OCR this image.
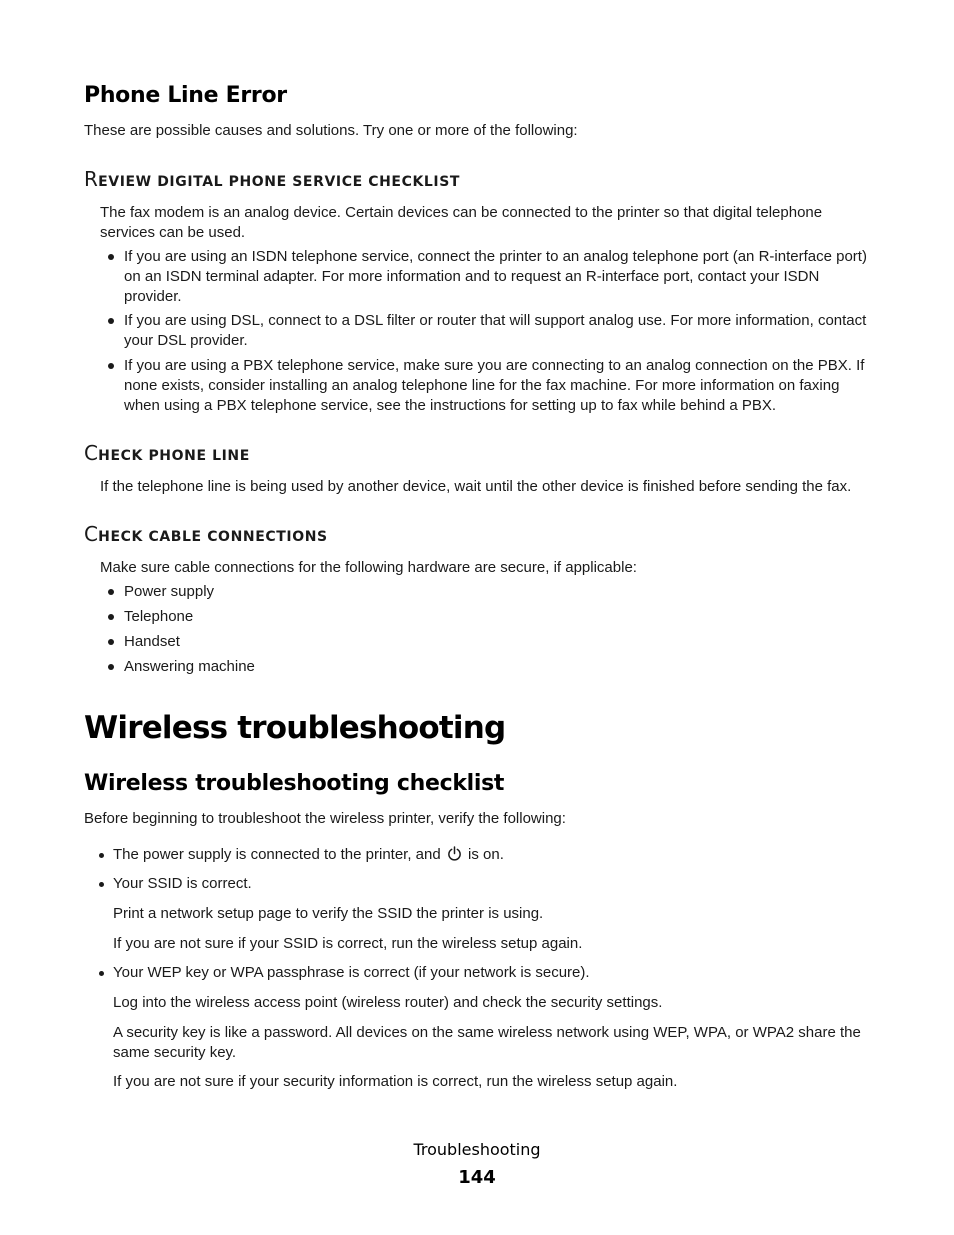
Phone Line Error
These are possible causes and solutions. Try one or more of the following:
REVIEW DIGITAL PHONE SERVICE CHECKLIST
The fax modem is an analog device. Certain devices can be connected to the printer so that digital telephone services can be used.
If you are using an ISDN telephone service, connect the printer to an analog telephone port (an R-interface port) on an ISDN terminal adapter. For more information and to request an R-interface port, contact your ISDN provider.
If you are using DSL, connect to a DSL filter or router that will support analog use. For more information, contact your DSL provider.
If you are using a PBX telephone service, make sure you are connecting to an analog connection on the PBX. If none exists, consider installing an analog telephone line for the fax machine. For more information on faxing when using a PBX telephone service, see the instructions for setting up to fax while behind a PBX.
CHECK PHONE LINE
If the telephone line is being used by another device, wait until the other device is finished before sending the fax.
CHECK CABLE CONNECTIONS
Make sure cable connections for the following hardware are secure, if applicable:
Power supply
Telephone
Handset
Answering machine
Wireless troubleshooting
Wireless troubleshooting checklist
Before beginning to troubleshoot the wireless printer, verify the following:
The power supply is connected to the printer, and is on.
Your SSID is correct.
Print a network setup page to verify the SSID the printer is using.
If you are not sure if your SSID is correct, run the wireless setup again.
Your WEP key or WPA passphrase is correct (if your network is secure).
Log into the wireless access point (wireless router) and check the security settings.
A security key is like a password. All devices on the same wireless network using WEP, WPA, or WPA2 share the same security key.
If you are not sure if your security information is correct, run the wireless setup again.
Troubleshooting
144
